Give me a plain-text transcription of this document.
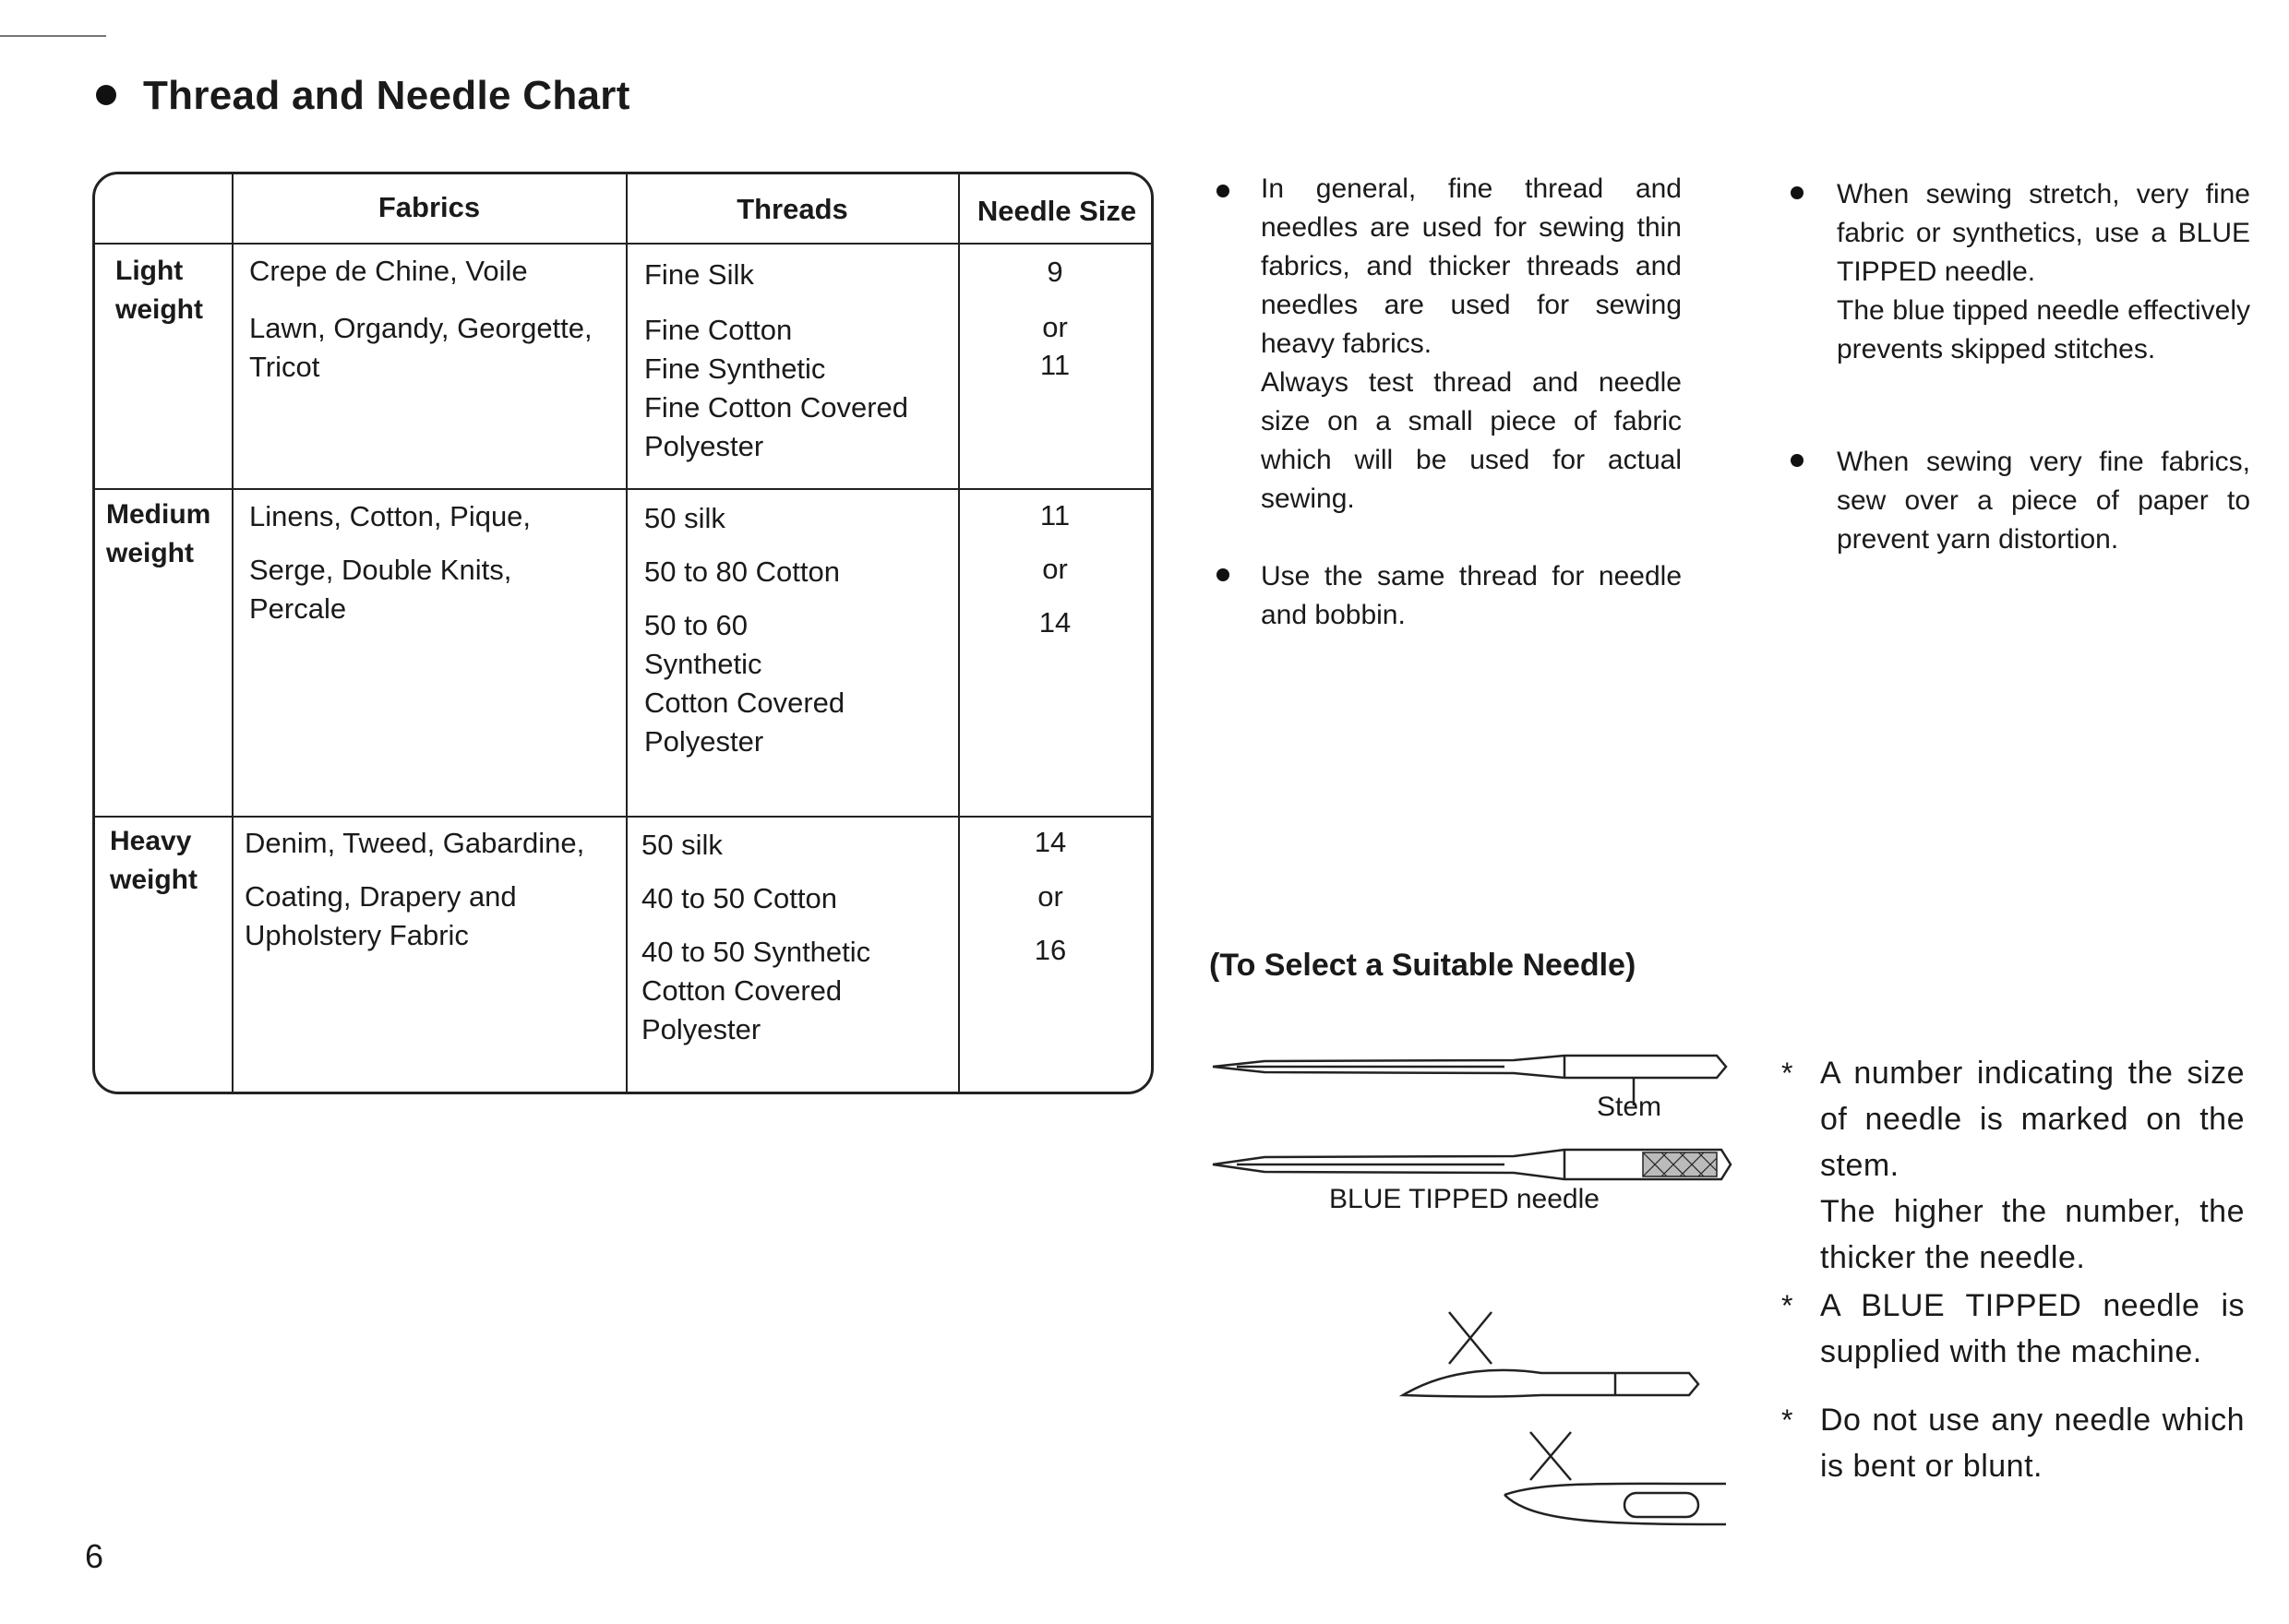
Thread and Needle Chart
Fabrics	Threads	Needle Size
Light
weight
Crepe de Chine, Voile
Lawn, Organdy, Georgette,
Tricot
Fine Silk
Fine Cotton
Fine Synthetic
Fine Cotton Covered
Polyester
9
or
11
Medium
weight
Linens, Cotton, Pique,
Serge, Double Knits,
Percale
50 silk
50 to 80 Cotton
50 to 60
Synthetic
Cotton Covered
Polyester
11
or
14
Heavy
weight
Denim, Tweed, Gabardine,
Coating, Drapery and
Upholstery Fabric
50 silk
40 to 50 Cotton
40 to 50 Synthetic
Cotton Covered
Polyester
14
or
16

In general, fine thread and needles are used for sewing thin fabrics, and thicker threads and needles are used for sewing heavy fabrics.

Always test thread and needle size on a small piece of fabric which will be used for actual sewing.

Use the same thread for needle and bobbin.

When sewing stretch, very fine fabric or synthetics, use a BLUE TIPPED needle.

The blue tipped needle effectively prevents skipped stitches.

When sewing very fine fabrics, sew over a piece of paper to prevent yarn distortion.
(To Select a Suitable Needle)
Stem
BLUE TIPPED needle
* A number indicating the size of needle is marked on the stem.

The higher the number, the thicker the needle.

* A BLUE TIPPED needle is supplied with the machine.
* Do not use any needle which is bent or blunt.
6
